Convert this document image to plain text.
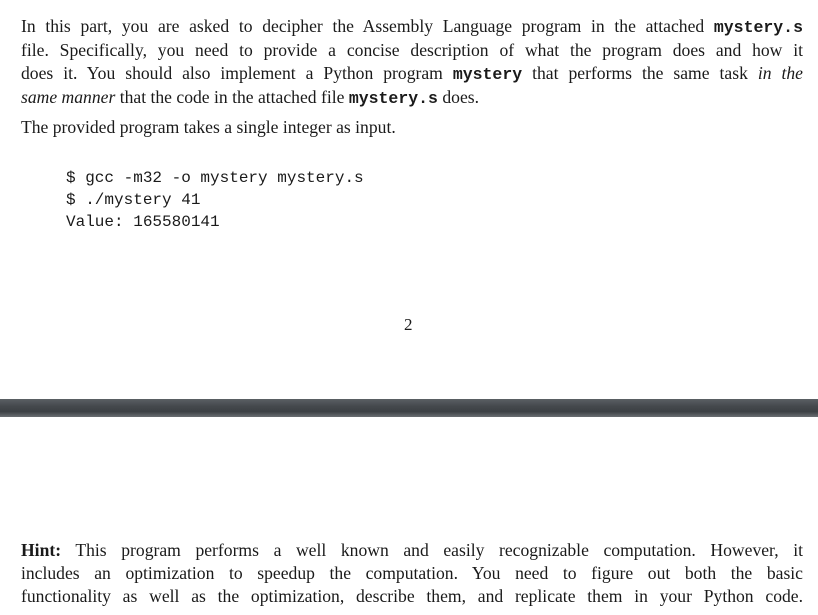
In this part, you are asked to decipher the Assembly Language program in the attached mystery.s
file. Specifically, you need to provide a concise description of what the program does and how it
does it. You should also implement a Python program mystery that performs the same task in the
same manner that the code in the attached file mystery.s does.
The provided program takes a single integer as input.
$ gcc -m32 -o mystery mystery.s
$ ./mystery 41
Value: 165580141
2
Hint: This program performs a well known and easily recognizable computation. However, it
includes an optimization to speedup the computation. You need to figure out both the basic
functionality as well as the optimization, describe them, and replicate them in your Python code.
